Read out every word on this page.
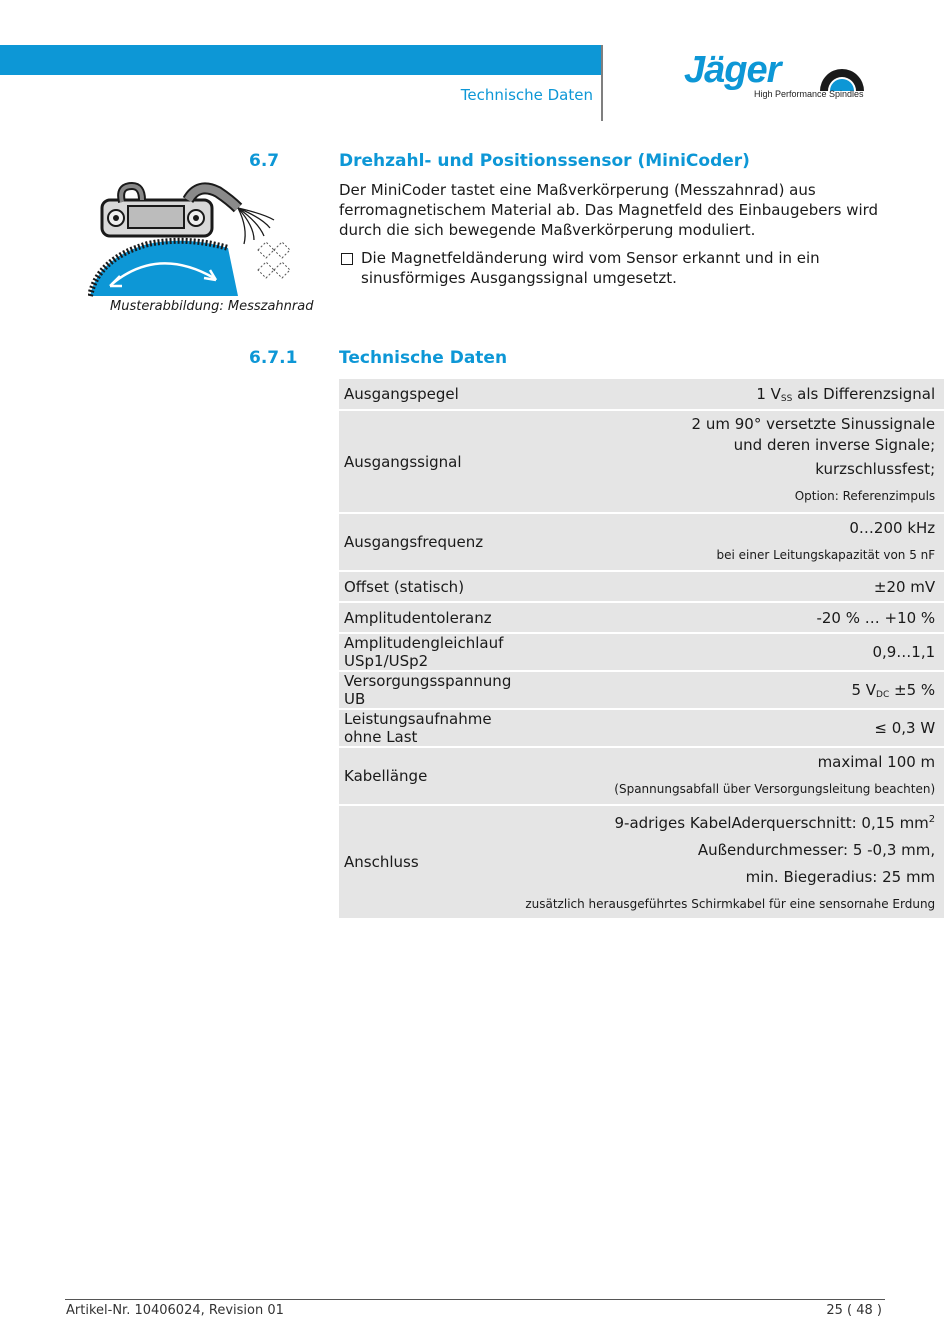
Technische Daten
Jäger
High Performance Spindles
6.7	Drehzahl- und Positionssensor (MiniCoder)
Der MiniCoder tastet eine Maßverkörperung (Messzahnrad) aus ferromagnetischem Material ab. Das Magnetfeld des Einbaugebers wird durch die sich bewegende Maßverkörperung moduliert.
Die Magnetfeldänderung wird vom Sensor erkannt und in ein sinusförmiges Ausgangssignal umgesetzt.
Musterabbildung: Messzahnrad
6.7.1 Technische Daten
Ausgangspegel	1 $V_{SS}$ als Differenzsignal
Ausgangssignal	2 um 90° versetzte Sinussignale
und deren inverse Signale;
kurzschlussfest;
Option: Referenzimpuls

Ausgangsfrequenz	0…200 kHz
bei einer Leitungskapazität von 5 nF

Offset (statisch)	±20 mV
Amplitudentoleranz	-20 % … +10 %
Amplitudengleichlauf USp1/USp2	0,9…1,1
Versorgungsspannung UB	5 $V_{DC} \pm 5$ %
Leistungsaufnahme ohne Last	≤ 0,3 W
Kabellänge	maximal 100 m
(Spannungsabfall über Versorgungsleitung beachten)

Anschluss	9-adriges KabelAderquerschnitt: 0,15 $mm^2$
Außendurchmesser: 5 -0,3 mm,
min. Biegeradius: 25 mm
zusätzlich herausgeführtes Schirmkabel für eine sensornahe Erdung
Artikel-Nr. 10406024, Revision 01	25 ( 48 )
